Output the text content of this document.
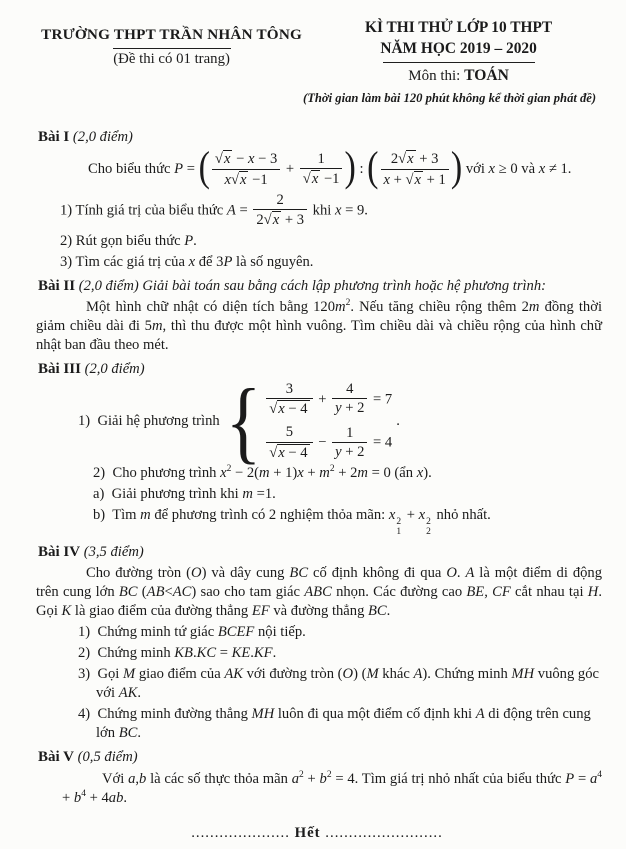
TRƯỜNG THPT TRẦN NHÂN TÔNG
(Đề thi có 01 trang)
KÌ THI THỬ LỚP 10 THPT
NĂM HỌC 2019 – 2020
Môn thi: TOÁN
(Thời gian làm bài 120 phút không kể thời gian phát đề)
Bài I (2,0 điểm)
Cho biểu thức P = ( $\frac{√x - x - 3}{x√x -1} + \frac{1}{√x -1}$ ) : ( $\frac{2√x + 3}{x + √x + 1}$ ) với x ≥ 0 và x ≠ 1.
1) Tính giá trị của biểu thức $A = \frac{2}{2√x + 3}$ khi x = 9.
2) Rút gọn biểu thức P.
3) Tìm các giá trị của x để 3P là số nguyên.
Bài II (2,0 điểm) Giải bài toán sau bằng cách lập phương trình hoặc hệ phương trình:
Một hình chữ nhật có diện tích bằng $120m^2$. Nếu tăng chiều rộng thêm 2m đồng thời giảm chiều dài đi 5m, thì thu được một hình vuông. Tìm chiều dài và chiều rộng của hình chữ nhật ban đầu theo mét.
Bài III (2,0 điểm)
1)  Giải hệ phương trình
$\frac{3}{√x - 4} + \frac{4}{y + 2} = 7$
$\frac{5}{√x - 4} - \frac{1}{y + 2} = 4$
.
2)  Cho phương trình $x^2 - 2(m + 1)x + m^2 + 2m = 0$ (ẩn x).
a)  Giải phương trình khi m =1.
b)  Tìm m để phương trình có 2 nghiệm thỏa mãn: x 2
1
+ x 2
2
nhỏ nhất.
Bài IV (3,5 điểm)
Cho đường tròn (O) và dây cung BC cố định không đi qua O. A là một điểm di động trên cung lớn BC (AB<AC) sao cho tam giác ABC nhọn. Các đường cao BE, CF cắt nhau tại H. Gọi K là giao điểm của đường thẳng EF và đường thẳng BC.
1)  Chứng minh tứ giác BCEF nội tiếp.
2)  Chứng minh KB.KC = KE.KF.
3)  Gọi M giao điểm của AK với đường tròn (O) (M khác A). Chứng minh MH vuông góc với AK.
4)  Chứng minh đường thẳng MH luôn đi qua một điểm cố định khi A di động trên cung lớn BC.
Bài V (0,5 điểm)
Với a,b là các số thực thỏa mãn $a^2 + b^2 = 4$. Tìm giá trị nhỏ nhất của biểu thức $P = a^4 + b^4 + 4ab$.
..................... Hết .........................
